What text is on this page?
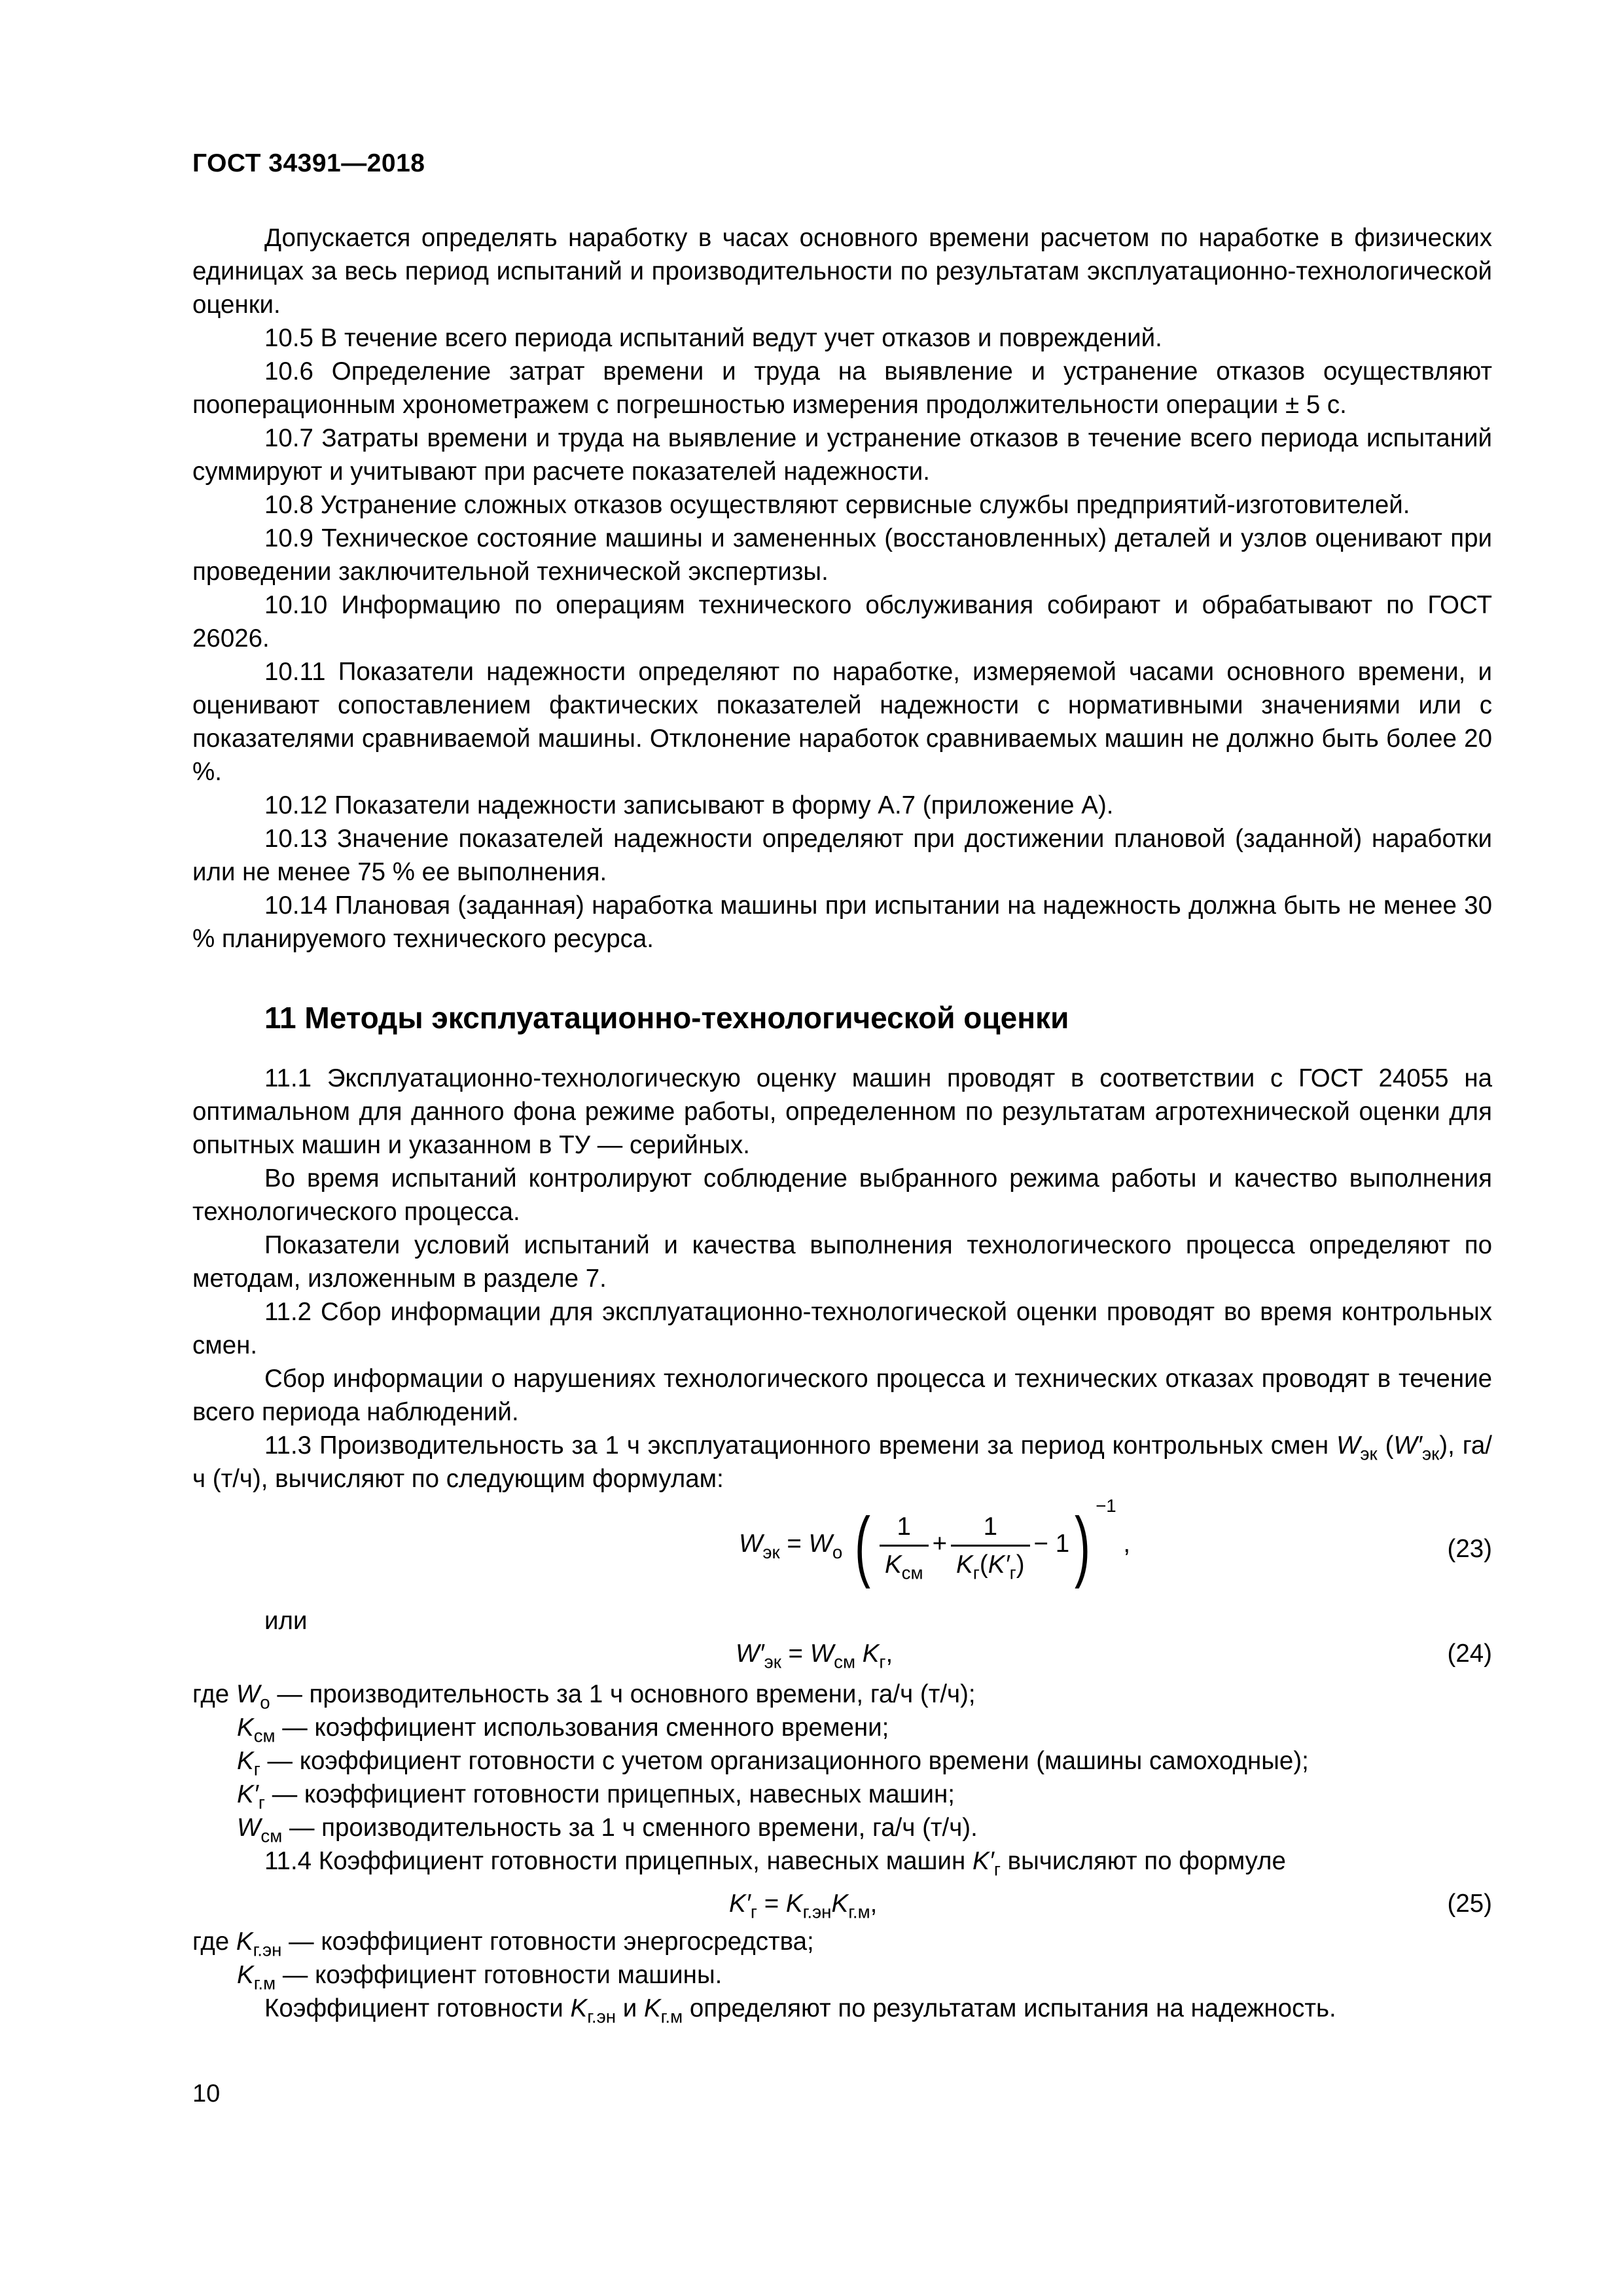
ГОСТ 34391—2018

Допускается определять наработку в часах основного времени расчетом по наработке в физических единицах за весь период испытаний и производительности по результатам эксплуатационно-технологической оценки.

10.5 В течение всего периода испытаний ведут учет отказов и повреждений.

10.6 Определение затрат времени и труда на выявление и устранение отказов осуществляют пооперационным хронометражем с погрешностью измерения продолжительности операции ± 5 с.

10.7 Затраты времени и труда на выявление и устранение отказов в течение всего периода испытаний суммируют и учитывают при расчете показателей надежности.

10.8 Устранение сложных отказов осуществляют сервисные службы предприятий-изготовителей.

10.9 Техническое состояние машины и замененных (восстановленных) деталей и узлов оценивают при проведении заключительной технической экспертизы.

10.10 Информацию по операциям технического обслуживания собирают и обрабатывают по ГОСТ 26026.

10.11 Показатели надежности определяют по наработке, измеряемой часами основного времени, и оценивают сопоставлением фактических показателей надежности с нормативными значениями или с показателями сравниваемой машины. Отклонение наработок сравниваемых машин не должно быть более 20 %.

10.12 Показатели надежности записывают в форму А.7 (приложение А).

10.13 Значение показателей надежности определяют при достижении плановой (заданной) наработки или не менее 75 % ее выполнения.

10.14 Плановая (заданная) наработка машины при испытании на надежность должна быть не менее 30 % планируемого технического ресурса.

11 Методы эксплуатационно-технологической оценки

11.1 Эксплуатационно-технологическую оценку машин проводят в соответствии с ГОСТ 24055 на оптимальном для данного фона режиме работы, определенном по результатам агротехнической оценки для опытных машин и указанном в ТУ — серийных.

Во время испытаний контролируют соблюдение выбранного режима работы и качество выполнения технологического процесса.

Показатели условий испытаний и качества выполнения технологического процесса определяют по методам, изложенным в разделе 7.

11.2 Сбор информации для эксплуатационно-технологической оценки проводят во время контрольных смен.

Сбор информации о нарушениях технологического процесса и технических отказах проводят в течение всего периода наблюдений.

11.3 Производительность за 1 ч эксплуатационного времени за период контрольных смен $W_{эк}$ $(W'_{эк})$, га/ч (т/ч), вычисляют по следующим формулам:

$W_{эк} = W_о$ ( $\frac{1}{K_{см}} + \frac{1}{K_г(K'_г)} - 1$) $^{-1}$ ,	(23)
или
$W'_{эк} = W_{см}$ $K_г$,	(24)
где $W_о$ — производительность за 1 ч основного времени, га/ч (т/ч);
$K_{см}$ — коэффициент использования сменного времени;
$K_г$ — коэффициент готовности с учетом организационного времени (машины самоходные);
$K'_г$ — коэффициент готовности прицепных, навесных машин;
$W_{см}$ — производительность за 1 ч сменного времени, га/ч (т/ч).

11.4 Коэффициент готовности прицепных, навесных машин $K'_г$ вычисляют по формуле

$K'_г = K_{г.эн}K_{г.м}$,	(25)
где $K_{г.эн}$ — коэффициент готовности энергосредства;
$K_{г.м}$ — коэффициент готовности машины.

Коэффициент готовности $K_{г.эн}$ и $K_{г.м}$ определяют по результатам испытания на надежность.

10
